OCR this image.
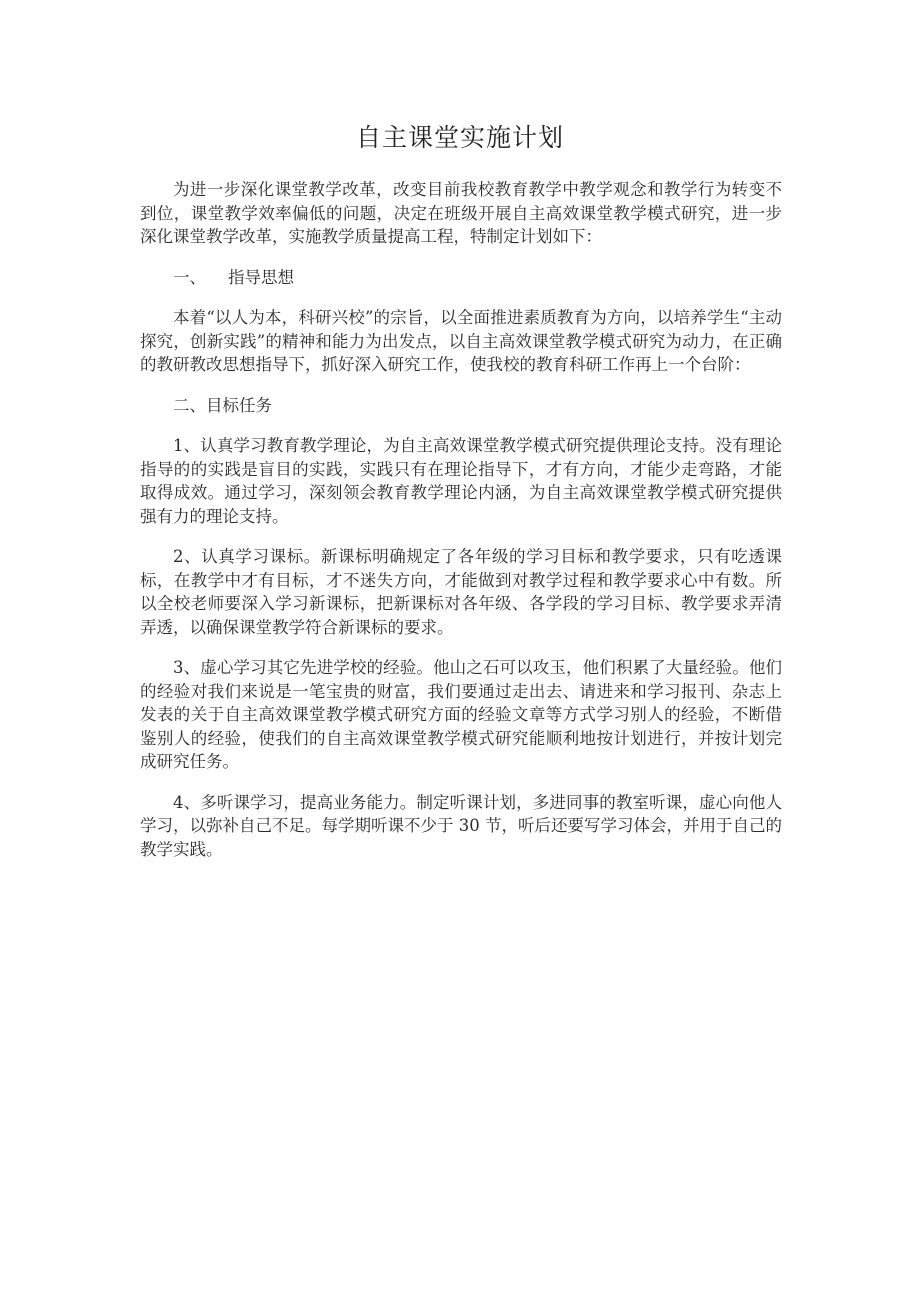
自主课堂实施计划

为进一步深化课堂教学改革，改变目前我校教育教学中教学观念和教学行为转变不到位，课堂教学效率偏低的问题，决定在班级开展自主高效课堂教学模式研究，进一步深化课堂教学改革，实施教学质量提高工程，特制定计划如下：

一、 指导思想

本着“以人为本，科研兴校”的宗旨，以全面推进素质教育为方向，以培养学生“主动探究，创新实践”的精神和能力为出发点，以自主高效课堂教学模式研究为动力，在正确的教研教改思想指导下，抓好深入研究工作，使我校的教育科研工作再上一个台阶：

二、目标任务

1、认真学习教育教学理论，为自主高效课堂教学模式研究提供理论支持。没有理论指导的的实践是盲目的实践，实践只有在理论指导下，才有方向，才能少走弯路，才能取得成效。通过学习，深刻领会教育教学理论内涵，为自主高效课堂教学模式研究提供强有力的理论支持。

2、认真学习课标。新课标明确规定了各年级的学习目标和教学要求，只有吃透课标，在教学中才有目标，才不迷失方向，才能做到对教学过程和教学要求心中有数。所以全校老师要深入学习新课标，把新课标对各年级、各学段的学习目标、教学要求弄清弄透，以确保课堂教学符合新课标的要求。

3、虚心学习其它先进学校的经验。他山之石可以攻玉，他们积累了大量经验。他们的经验对我们来说是一笔宝贵的财富，我们要通过走出去、请进来和学习报刊、杂志上发表的关于自主高效课堂教学模式研究方面的经验文章等方式学习别人的经验，不断借鉴别人的经验，使我们的自主高效课堂教学模式研究能顺利地按计划进行，并按计划完成研究任务。

4、多听课学习，提高业务能力。制定听课计划，多进同事的教室听课，虚心向他人学习，以弥补自己不足。每学期听课不少于 30 节，听后还要写学习体会，并用于自己的教学实践。
